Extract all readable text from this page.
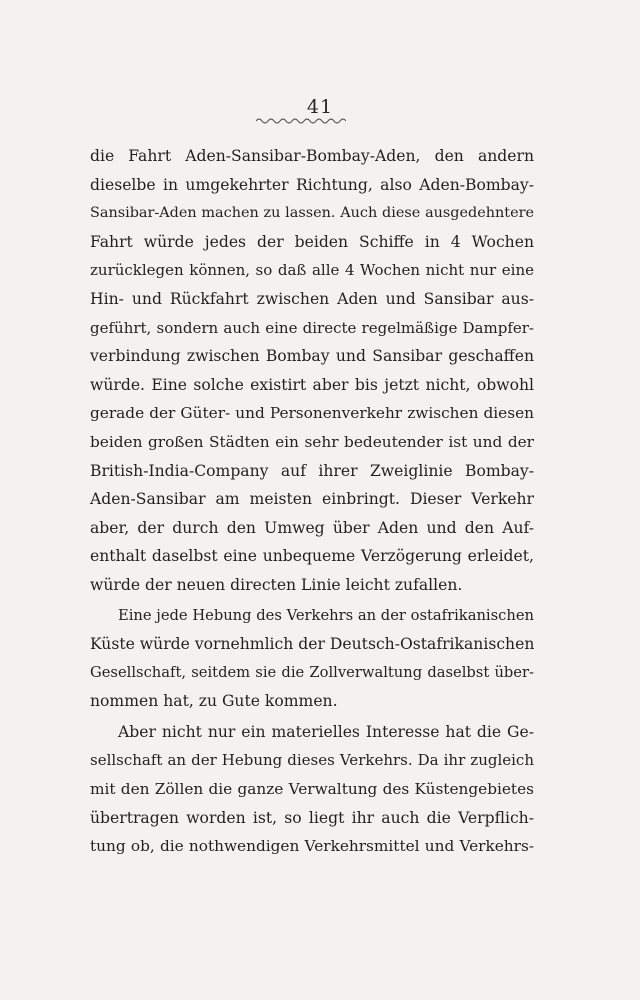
41
die Fahrt Aden-Sansibar-Bombay-Aden, den andern
dieselbe in umgekehrter Richtung, also Aden-Bombay-
Sansibar-Aden machen zu lassen. Auch diese ausgedehntere
Fahrt würde jedes der beiden Schiffe in 4 Wochen
zurücklegen können, so daß alle 4 Wochen nicht nur eine
Hin- und Rückfahrt zwischen Aden und Sansibar aus-
geführt, sondern auch eine directe regelmäßige Dampfer-
verbindung zwischen Bombay und Sansibar geschaffen
würde. Eine solche existirt aber bis jetzt nicht, obwohl
gerade der Güter- und Personenverkehr zwischen diesen
beiden großen Städten ein sehr bedeutender ist und der
British-India-Company auf ihrer Zweiglinie Bombay-
Aden-Sansibar am meisten einbringt. Dieser Verkehr
aber, der durch den Umweg über Aden und den Auf-
enthalt daselbst eine unbequeme Verzögerung erleidet,
würde der neuen directen Linie leicht zufallen.
Eine jede Hebung des Verkehrs an der ostafrikanischen
Küste würde vornehmlich der Deutsch-Ostafrikanischen
Gesellschaft, seitdem sie die Zollverwaltung daselbst über-
nommen hat, zu Gute kommen.
Aber nicht nur ein materielles Interesse hat die Ge-
sellschaft an der Hebung dieses Verkehrs. Da ihr zugleich
mit den Zöllen die ganze Verwaltung des Küstengebietes
übertragen worden ist, so liegt ihr auch die Verpflich-
tung ob, die nothwendigen Verkehrsmittel und Verkehrs-
